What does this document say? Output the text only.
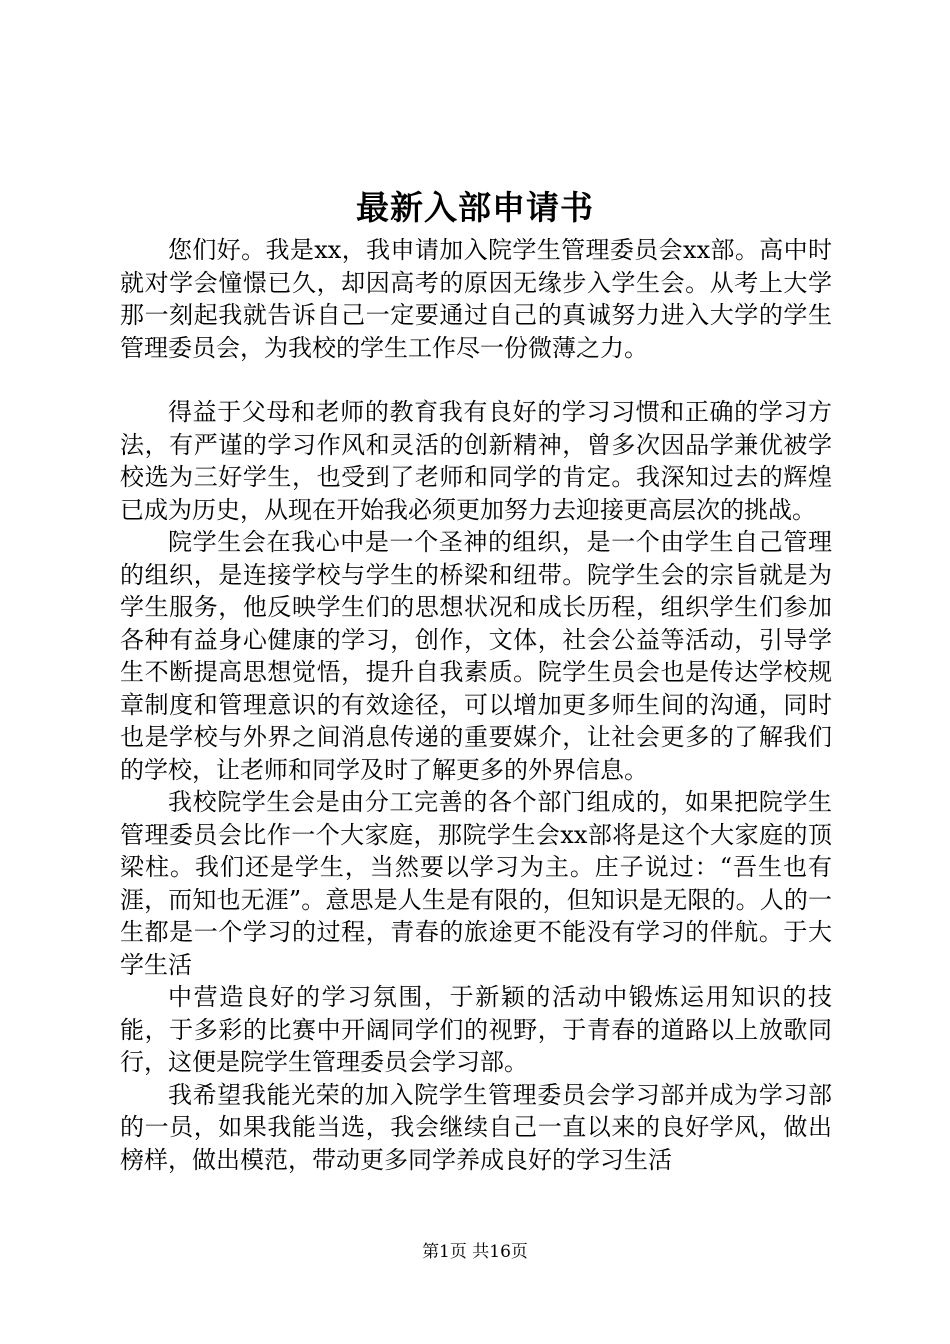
最新入部申请书

您们好。我是xx，我申请加入院学生管理委员会xx部。高中时就对学会憧憬已久，却因高考的原因无缘步入学生会。从考上大学那一刻起我就告诉自己一定要通过自己的真诚努力进入大学的学生管理委员会，为我校的学生工作尽一份微薄之力。

得益于父母和老师的教育我有良好的学习习惯和正确的学习方法，有严谨的学习作风和灵活的创新精神，曾多次因品学兼优被学校选为三好学生，也受到了老师和同学的肯定。我深知过去的辉煌已成为历史，从现在开始我必须更加努力去迎接更高层次的挑战。

院学生会在我心中是一个圣神的组织，是一个由学生自己管理的组织，是连接学校与学生的桥梁和纽带。院学生会的宗旨就是为学生服务，他反映学生们的思想状况和成长历程，组织学生们参加各种有益身心健康的学习，创作，文体，社会公益等活动，引导学生不断提高思想觉悟，提升自我素质。院学生员会也是传达学校规章制度和管理意识的有效途径，可以增加更多师生间的沟通，同时也是学校与外界之间消息传递的重要媒介，让社会更多的了解我们的学校，让老师和同学及时了解更多的外界信息。

我校院学生会是由分工完善的各个部门组成的，如果把院学生管理委员会比作一个大家庭，那院学生会xx部将是这个大家庭的顶梁柱。我们还是学生，当然要以学习为主。庄子说过：“吾生也有涯，而知也无涯”。意思是人生是有限的，但知识是无限的。人的一生都是一个学习的过程，青春的旅途更不能没有学习的伴航。于大学生活

中营造良好的学习氛围，于新颖的活动中锻炼运用知识的技能，于多彩的比赛中开阔同学们的视野，于青春的道路以上放歌同行，这便是院学生管理委员会学习部。

我希望我能光荣的加入院学生管理委员会学习部并成为学习部的一员，如果我能当选，我会继续自己一直以来的良好学风，做出榜样，做出模范，带动更多同学养成良好的学习生活

第1页 共16页
